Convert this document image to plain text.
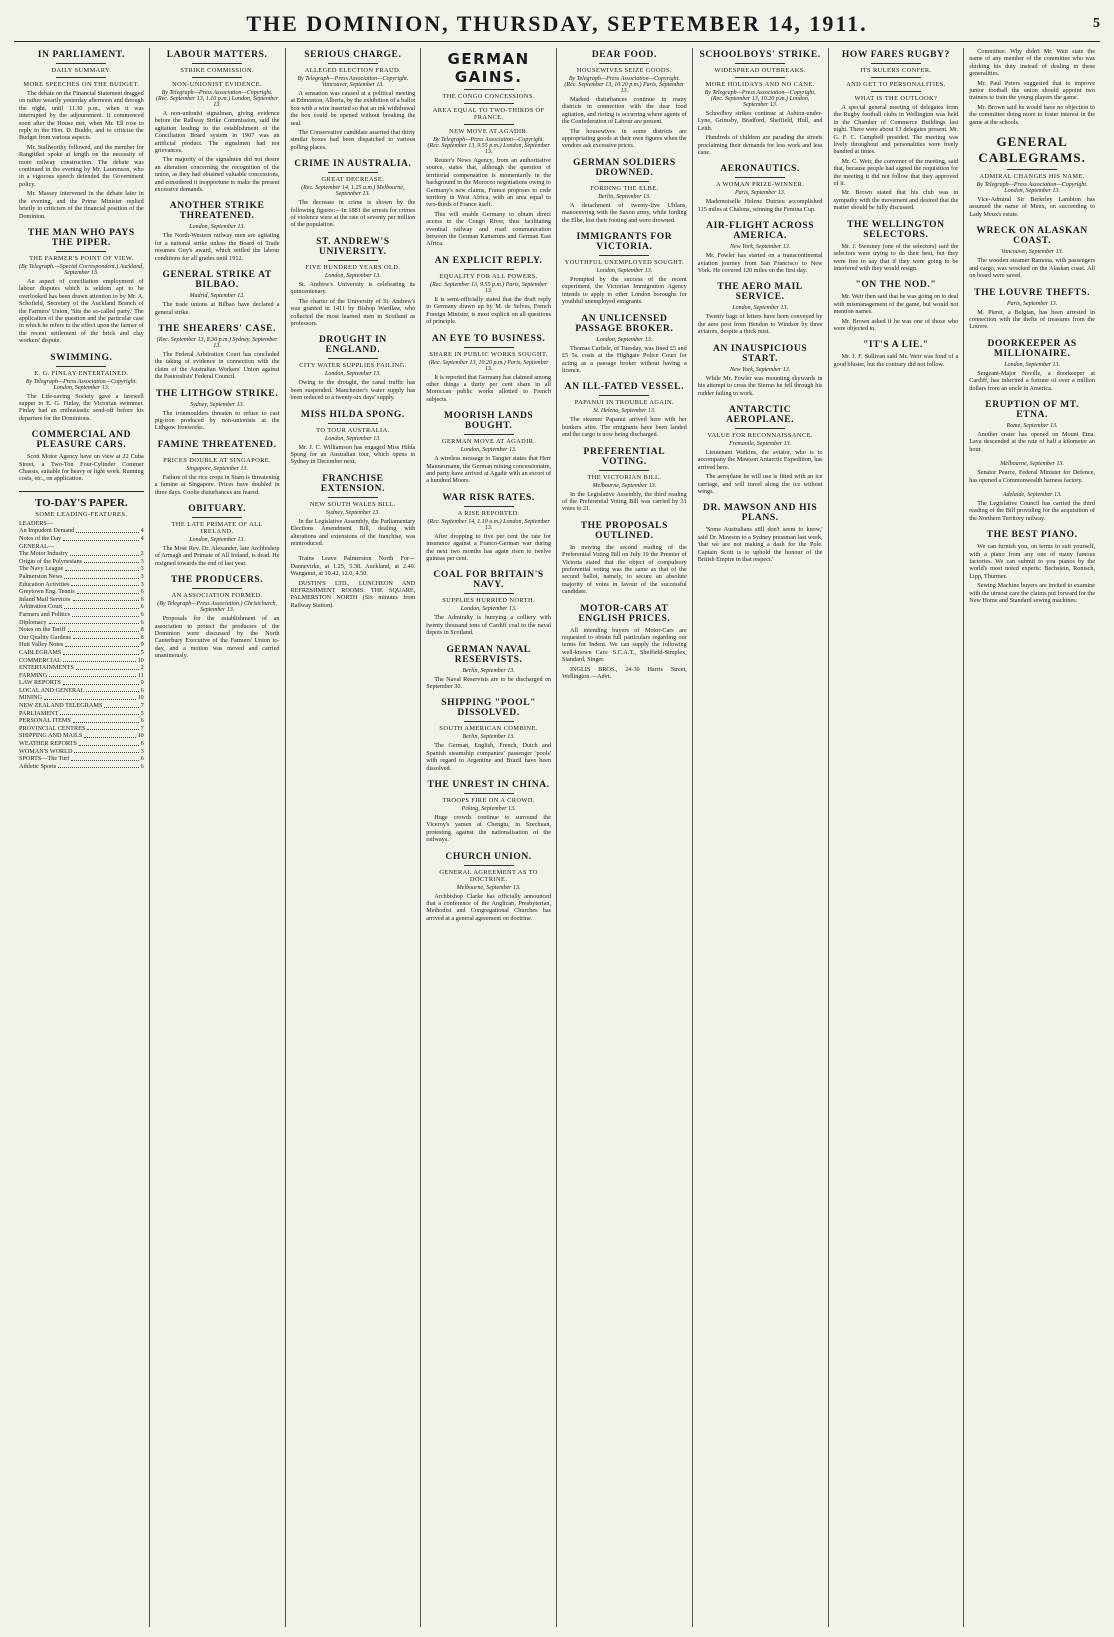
THE DOMINION, THURSDAY, SEPTEMBER 14, 1911.	5
IN PARLIAMENT.
DAILY SUMMARY.
MORE SPEECHES ON THE BUDGET.

The debate on the Financial Statement dragged on rather wearily yesterday afternoon and through the night, until 11.30 p.m., when it was interrupted by the adjournment. It commenced soon after the House met, when Mr. Ell rose to reply to the Hon. D. Buddo, and to criticise the Budget from various aspects.

Mr. Stallworthy followed, and the member for Rangitikei spoke at length on the necessity of more railway construction. The debate was continued in the evening by Mr. Laurenson, who in a vigorous speech defended the Government policy.

Mr. Massey intervened in the debate later in the evening, and the Prime Minister replied briefly to criticism of the financial position of the Dominion.

THE MAN WHO PAYS THE PIPER.
THE FARMER'S POINT OF VIEW.
(By Telegraph.—Special Correspondent.) Auckland, September 13.

An aspect of conciliation employment of labour disputes which is seldom apt to be overlooked has been drawn attention to by Mr. A. Schofield, Secretary of the Auckland Branch of the Farmers' Union, 'Sits the so-called party.' The application of the question and the particular case in which he refers to the effect upon the farmer of the recent settlement of the brick and clay workers' dispute.

SWIMMING.
E. G. FINLAY ENTERTAINED.
By Telegraph—Press Association—Copyright. London, September 13.

The Life-saving Society gave a farewell supper to E. G. Finlay, the Victorian swimmer. Finlay had an enthusiastic send-off before his departure for the Dominions.

COMMERCIAL AND PLEASURE CARS.

Scott Motor Agency have on view at 22 Cuba Street, a Two-Ton Four-Cylinder Commer Chassis, suitable for heavy or light work. Running costs, etc., on application.

TO-DAY'S PAPER.
SOME LEADING-FEATURES.
LEADERS—
An Impudent Demand	4
Notes of the Day	4
GENERAL—
The Motor Industry	2
Origin of the Polynesians	3
The Navy League	3
Palmerston News	3
Education Activities	3
Greytown Eng. Tennis	6
Inland Mail Services	6
Arbitration Court	6
Farmers and Politics	6
Diplomacy	6
Notes on the Tariff	8
Our Quality Gardens	8
Hutt Valley Notes	9
CABLEGRAMS	5
COMMERCIAL	10
ENTERTAINMENTS	2
FARMING	11
LAW REPORTS	9
LOCAL AND GENERAL	6
MINING	10
NEW ZEALAND TELEGRAMS	7
PARLIAMENT	5
PERSONAL ITEMS	6
PROVINCIAL CENTRES	7
SHIPPING AND MAILS	10
WEATHER REPORTS	6
WOMAN'S WORLD	3
SPORTS—The Turf	6
Athletic Sports	6
LABOUR MATTERS.
STRIKE COMMISSION.
NON-UNIONIST EVIDENCE.
By Telegraph—Press Association—Copyright. (Rec. September 13, 1.10 p.m.) London, September 13.

A non-unionist signalman, giving evidence before the Railway Strike Commission, said the agitation leading to the establishment of the Conciliation Board system in 1907 was an artificial product. The signalmen had not grievances.

The majority of the signalmen did not desire an alteration concerning the recognition of the union, as they had obtained valuable concessions, and considered it inopportune to make the present excessive demands.

ANOTHER STRIKE THREATENED.
London, September 13.

The North-Western railway men are agitating for a national strike unless the Board of Trade resumes Guy's award, which settled the labour conditions for all grades until 1912.

GENERAL STRIKE AT BILBAO.
Madrid, September 12.

The trade unions at Bilbao have declared a general strike.

THE SHEARERS' CASE.
(Rec. September 13, 8.30 p.m.) Sydney, September 13.

The Federal Arbitration Court has concluded the taking of evidence in connection with the claim of the Australian Workers' Union against the Pastoralists' Federal Council.

THE LITHGOW STRIKE.
Sydney, September 13.

The ironmoulders threaten to refuse to cast pig-iron produced by non-unionists at the Lithgow Ironworks.

FAMINE THREATENED.
PRICES DOUBLE AT SINGAPORE.
Singapore, September 13.

Failure of the rice crops in Siam is threatening a famine at Singapore. Prices have doubled in three days. Coolie disturbances are feared.

OBITUARY.
THE LATE PRIMATE OF ALL IRELAND.
London, September 13.

The Most Rev. Dr. Alexander, late Archbishop of Armagh and Primate of All Ireland, is dead. He resigned towards the end of last year.

THE PRODUCERS.
AN ASSOCIATION FORMED.
(By Telegraph—Press Association.) Christchurch, September 13.

Proposals for the establishment of an association to protect the producers of the Dominion were discussed by the North Canterbury Executive of the Farmers' Union to-day, and a motion was moved and carried unanimously.

SERIOUS CHARGE.
ALLEGED ELECTION FRAUD.
By Telegraph—Press Association—Copyright. Vancouver, September 13.

A sensation was caused at a political meeting at Edmonton, Alberta, by the exhibition of a ballot box with a wire inserted so that an ink withdrawal the box could be opened without breaking the seal.

The Conservative candidate asserted that thirty similar boxes had been dispatched to various polling places.

CRIME IN AUSTRALIA.
GREAT DECREASE.
(Rec. September 14, 1.25 a.m.) Melbourne, September 13.

The decrease in crime is shown by the following figures:—In 1881 the arrests for crimes of violence were at the rate of seventy per million of the population.

ST. ANDREW'S UNIVERSITY.
FIVE HUNDRED YEARS OLD.
London, September 13.

St. Andrew's University is celebrating its quincentenary.

The charter of the University of St. Andrew's was granted in 1411 by Bishop Wardlaw, who collected the most learned men in Scotland as professors.

DROUGHT IN ENGLAND.
CITY WATER SUPPLIES FAILING.
London, September 13.

Owing to the drought, the canal traffic has been suspended. Manchester's water supply has been reduced to a twenty-six days' supply.

MISS HILDA SPONG.
TO TOUR AUSTRALIA.
London, September 13.

Mr. J. C. Williamson has engaged Miss Hilda Spong for an Australian tour, which opens in Sydney in December next.

FRANCHISE EXTENSION.
NEW SOUTH WALES BILL.
Sydney, September 13.

In the Legislative Assembly, the Parliamentary Elections Amendment Bill, dealing with alterations and extensions of the franchise, was reintroduced.

Trains Leave Palmerston North For—Dannevirke, at 1.25, 5.38. Auckland, at 2.40. Wanganui, at 10.42, 12.0, 4.50.

DUSTIN'S LTD., LUNCHEON AND REFRESHMENT ROOMS. THE SQUARE, PALMERSTON NORTH (Six minutes from Railway Station).

GERMAN GAINS.
THE CONGO CONCESSIONS.
AREA EQUAL TO TWO-THIRDS OF FRANCE.
NEW MOVE AT AGADIR.
By Telegraph—Press Association—Copyright. (Rec. September 13, 9.55 p.m.) London, September 13.

Reuter's News Agency, from an authoritative source, states that, although the question of territorial compensation is momentarily in the background in the Morocco negotiations owing to Germany's new claims, France proposes to cede territory in West Africa, with an area equal to two-thirds of France itself.

This will enable Germany to obtain direct access to the Congo River, thus facilitating eventual railway and road communication between the German Kameruns and German East Africa.

AN EXPLICIT REPLY.
EQUALITY FOR ALL POWERS.
(Rec. September 13, 9.55 p.m.) Paris, September 13.

It is semi-officially stated that the draft reply to Germany drawn up by M. de Selves, French Foreign Minister, is most explicit on all questions of principle.

AN EYE TO BUSINESS.
SHARE IN PUBLIC WORKS SOUGHT.
(Rec. September 13, 10.20 p.m.) Paris, September 13.

It is reported that Germany has claimed among other things a thirty per cent share in all Moroccan public works allotted to French subjects.

MOORISH LANDS BOUGHT.
GERMAN MOVE AT AGADIR.
London, September 13.

A wireless message to Tangier states that Herr Mannesmann, the German mining concessionaire, and party have arrived at Agadir with an escort of a hundred Moors.

WAR RISK RATES.
A RISE REPORTED.
(Rec. September 14, 1.10 a.m.) London, September 13.

After dropping to five per cent the rate for insurance against a Franco-German war during the next two months has again risen to twelve guineas per cent.

COAL FOR BRITAIN'S NAVY.
SUPPLIES HURRIED NORTH.
London, September 13.

The Admiralty is hurrying a colliery with twenty thousand tons of Cardiff coal to the naval depots in Scotland.

GERMAN NAVAL RESERVISTS.
Berlin, September 13.

The Naval Reservists are to be discharged on September 30.

SHIPPING "POOL" DISSOLVED.
SOUTH AMERICAN COMBINE.
Berlin, September 13.

The German, English, French, Dutch and Spanish steamship companies' passenger 'pools' with regard to Argentine and Brazil have been dissolved.

THE UNREST IN CHINA.
TROOPS FIRE ON A CROWD.
Peking, September 13.

Huge crowds continue to surround the Viceroy's yamen at Chengtu, in Szechuan, protesting against the nationalisation of the railways.

CHURCH UNION.
GENERAL AGREEMENT AS TO DOCTRINE.
Melbourne, September 13.

Archbishop Clarke has officially announced that a conference of the Anglican, Presbyterian, Methodist and Congregational Churches has arrived at a general agreement on doctrine.

DEAR FOOD.
HOUSEWIVES SEIZE GOODS.
By Telegraph—Press Association—Copyright. (Rec. September 13, 10.20 p.m.) Paris, September 13.

Marked disturbances continue in many districts in connection with the dear food agitation, and rioting is occurring where agents of the Confederation of Labour are present.

The housewives in some districts are appropriating goods at their own figures when the vendors ask excessive prices.

GERMAN SOLDIERS DROWNED.
FORDING THE ELBE.
Berlin, September 13.

A detachment of twenty-five Uhlans, manoeuvring with the Saxon army, while fording the Elbe, lost their footing and were drowned.

IMMIGRANTS FOR VICTORIA.
YOUTHFUL UNEMPLOYED SOUGHT.
London, September 13.

Prompted by the success of the recent experiment, the Victorian Immigration Agency intends to apply to other London boroughs for youthful unemployed emigrants.

AN UNLICENSED PASSAGE BROKER.
London, September 13.

Thomas Carlisle, of Tuesday, was fined £5 and £5 5s. costs at the Highgate Police Court for acting as a passage broker without having a licence.

AN ILL-FATED VESSEL.
PAPANUI IN TROUBLE AGAIN.
St. Helena, September 13.

The steamer Papanui arrived here with her bunkers afire. The emigrants have been landed and the cargo is now being discharged.

PREFERENTIAL VOTING.
THE VICTORIAN BILL.
Melbourne, September 13.

In the Legislative Assembly, the third reading of the Preferential Voting Bill was carried by 31 votes to 21.

THE PROPOSALS OUTLINED.

In moving the second reading of the Preferential Voting Bill on July 19 the Premier of Victoria stated that the object of compulsory preferential voting was the same as that of the second ballot, namely, to secure an absolute majority of votes in favour of the successful candidate.

MOTOR-CARS AT ENGLISH PRICES.

All intending buyers of Motor-Cars are requested to obtain full particulars regarding our terms for Indent. We can supply the following well-known Cars: S.C.A.T., Sheffield-Simplex, Standard, Singer.

INGLIS BROS., 24-30 Harris Street, Wellington.—Advt.

SCHOOLBOYS' STRIKE.
WIDESPREAD OUTBREAKS.
MORE HOLIDAYS AND NO CANE.
By Telegraph—Press Association—Copyright. (Rec. September 13, 10.20 p.m.) London, September 13.

Schoolboy strikes continue at Ashton-under-Lyne, Grimsby, Bradford, Sheffield, Hull, and Leith.

Hundreds of children are parading the streets proclaiming their demands for less work and less cane.

AERONAUTICS.
A WOMAN PRIZE-WINNER.
Paris, September 13.

Mademoiselle Helene Dutrieu accomplished 115 miles at Chalons, winning the Femina Cup.

AIR-FLIGHT ACROSS AMERICA.
New York, September 13.

Mr. Fowler has started on a transcontinental aviation journey from San Francisco to New York. He covered 120 miles on the first day.

THE AERO MAIL SERVICE.
London, September 13.

Twenty bags of letters have been conveyed by the aero post from Hendon to Windsor by three aviators, despite a thick mist.

AN INAUSPICIOUS START.
New York, September 13.

While Mr. Fowler was mounting skywards in his attempt to cross the Sierras he fell through his rudder failing to work.

ANTARCTIC AEROPLANE.
VALUE FOR RECONNAISSANCE.
Fremantle, September 13.

Lieutenant Watkins, the aviator, who is to accompany the Mawson Antarctic Expedition, has arrived here.

The aeroplane he will use is fitted with an ice carriage, and will travel along the ice without wings.

DR. MAWSON AND HIS PLANS.

'Some Australians still don't seem to know,' said Dr. Mawson to a Sydney pressman last week, 'that we are not making a dash for the Pole. Captain Scott is to uphold the honour of the British Empire in that respect.'

HOW FARES RUGBY?
ITS RULERS CONFER.
AND GET TO PERSONALITIES.
WHAT IS THE OUTLOOK?

A special general meeting of delegates from the Rugby football clubs in Wellington was held in the Chamber of Commerce Buildings last night. There were about 13 delegates present. Mr. G. F. C. Campbell presided. The meeting was lively throughout and personalities were freely bandied at times.

Mr. C. Weir, the convener of the meeting, said that, because people had signed the requisition for the meeting it did not follow that they approved of it.

Mr. Brown stated that his club was in sympathy with the movement and desired that the matter should be fully discussed.

THE WELLINGTON SELECTORS.

Mr. J. Swesney (one of the selectors) said the selectors were trying to do their best, but they were free to say that if they were going to be interfered with they would resign.

"ON THE NOD."

Mr. Weir then said that he was going on to deal with mismanagement of the game, but would not mention names.

Mr. Brown asked if he was one of those who were objected to.

"IT'S A LIE."

Mr. J. F. Sullivan said Mr. Weir was fond of a good bluster, but the contrary did not follow.

Committee. Why didn't Mr. Weir state the name of any member of the committee who was shirking his duty instead of dealing in these generalities.

Mr. Paul Peters suggested that to improve junior football the union should appoint two trainers to train the young players the game.

Mr. Brown said he would have no objection to the committee doing more to foster interest in the game at the schools.

GENERAL CABLEGRAMS.
ADMIRAL CHANGES HIS NAME.
By Telegraph—Press Association—Copyright. London, September 13.

Vice-Admiral Sir Berkeley Lambton has assumed the name of Meux, on succeeding to Lady Meux's estate.

WRECK ON ALASKAN COAST.
Vancouver, September 13.

The wooden steamer Ramona, with passengers and cargo, was wrecked on the Alaskan coast. All on board were saved.

THE LOUVRE THEFTS.
Paris, September 13.

M. Pieret, a Belgian, has been arrested in connection with the thefts of treasures from the Louvre.

DOORKEEPER AS MILLIONAIRE.
London, September 13.

Sergeant-Major Neville, a doorkeeper at Cardiff, has inherited a fortune of over a million dollars from an uncle in America.

ERUPTION OF MT. ETNA.
Rome, September 13.

Another crater has opened on Mount Etna. Lava descended at the rate of half a kilometre an hour.

Melbourne, September 13.

Senator Pearce, Federal Minister for Defence, has opened a Commonwealth harness factory.

Adelaide, September 13.

The Legislative Council has carried the third reading of the Bill providing for the acquisition of the Northern Territory railway.

THE BEST PIANO.

We can furnish you, on terms to suit yourself, with a piano from any one of many famous factories. We can submit to you pianos by the world's most noted experts: Bechstein, Ronisch, Lipp, Thurmer.

Sewing Machine buyers are invited to examine with the utmost care the claims put forward for the New Home and Standard sewing machines.
